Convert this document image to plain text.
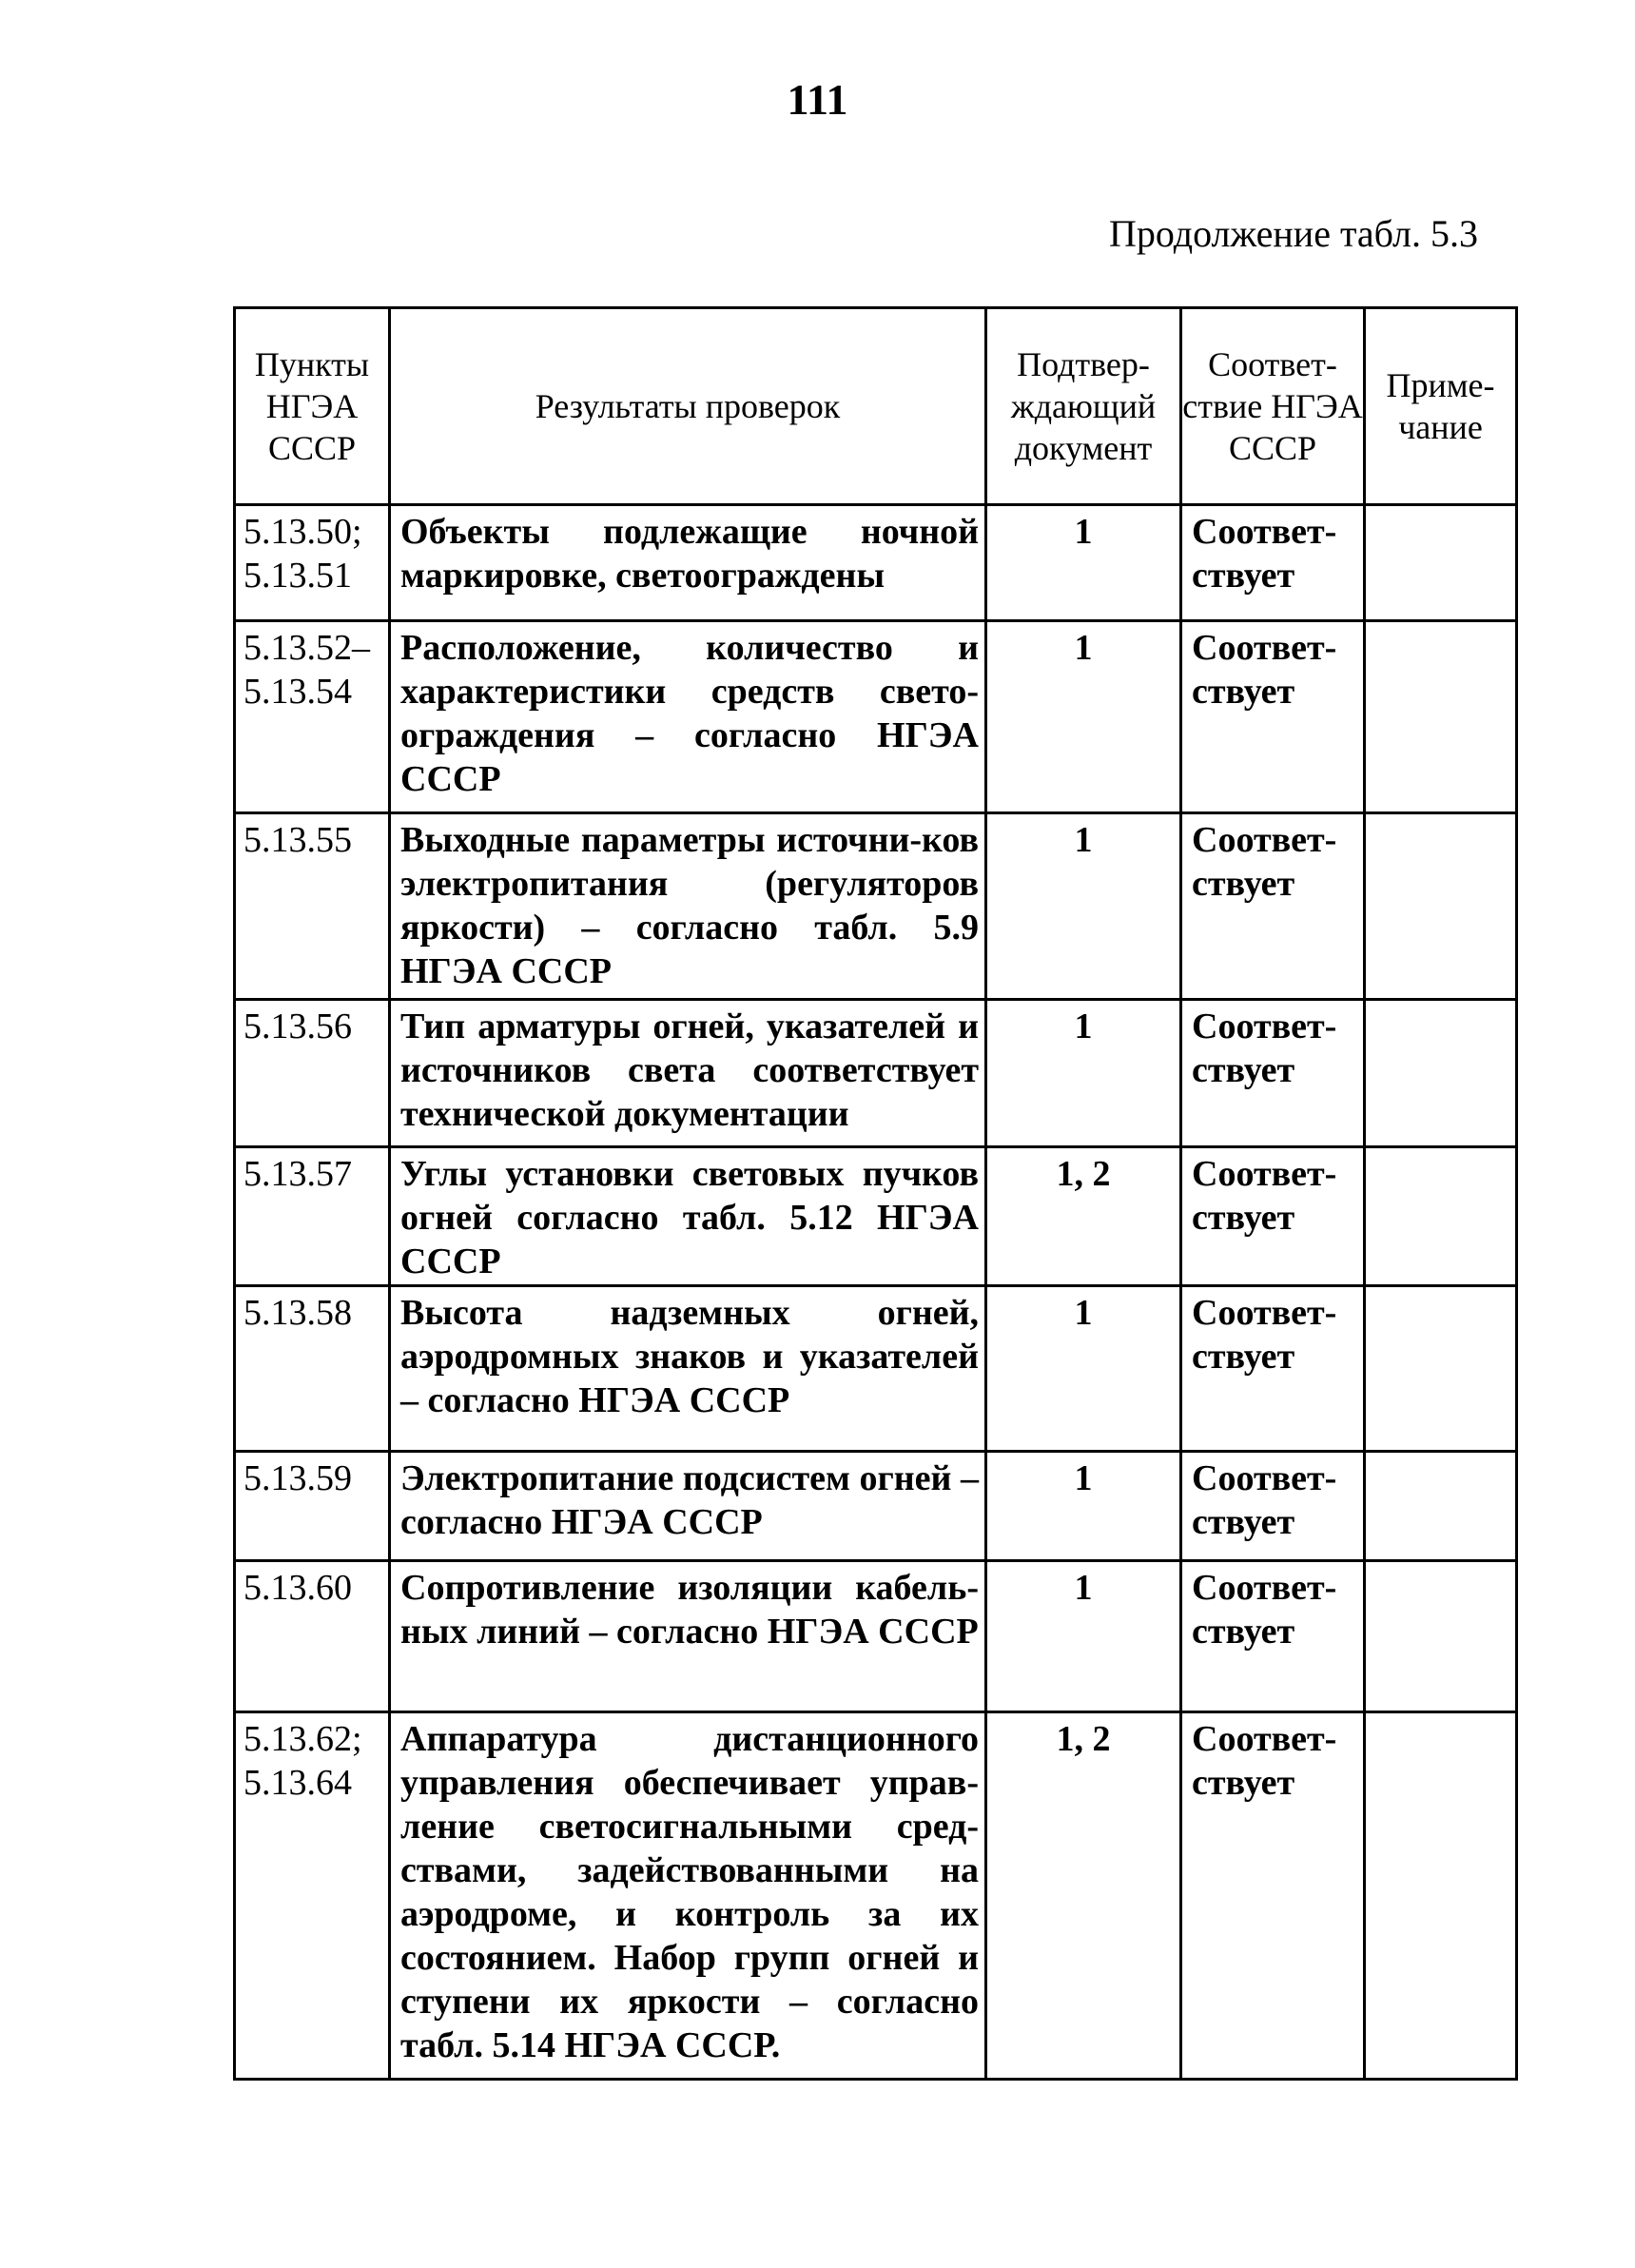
111
Продолжение табл. 5.3
Пункты НГЭА СССР	Результаты проверок	Подтвер-ждающий документ	Соответ-ствие НГЭА СССР	Приме-чание
5.13.50; 5.13.51	Объекты подлежащие ночной маркировке, светоограждены	1	Соответ-ствует	
5.13.52– 5.13.54	Расположение, количество и характеристики средств свето-ограждения – согласно НГЭА СССР	1	Соответ-ствует	
5.13.55	Выходные параметры источни-ков электропитания (регуляторов яркости) – согласно табл. 5.9 НГЭА СССР	1	Соответ-ствует	
5.13.56	Тип арматуры огней, указателей и источников света соответствует технической документации	1	Соответ-ствует	
5.13.57	Углы установки световых пучков огней согласно табл. 5.12 НГЭА СССР	1, 2	Соответ-ствует	
5.13.58	Высота надземных огней, аэродромных знаков и указателей – согласно НГЭА СССР	1	Соответ-ствует	
5.13.59	Электропитание подсистем огней – согласно НГЭА СССР	1	Соответ-ствует	
5.13.60	Сопротивление изоляции кабель-ных линий – согласно НГЭА СССР	1	Соответ-ствует	
5.13.62; 5.13.64	Аппаратура дистанционного управления обеспечивает управ-ление светосигнальными сред-ствами, задействованными на аэродроме, и контроль за их состоянием. Набор групп огней и ступени их яркости – согласно табл. 5.14 НГЭА СССР.	1, 2	Соответ-ствует	
